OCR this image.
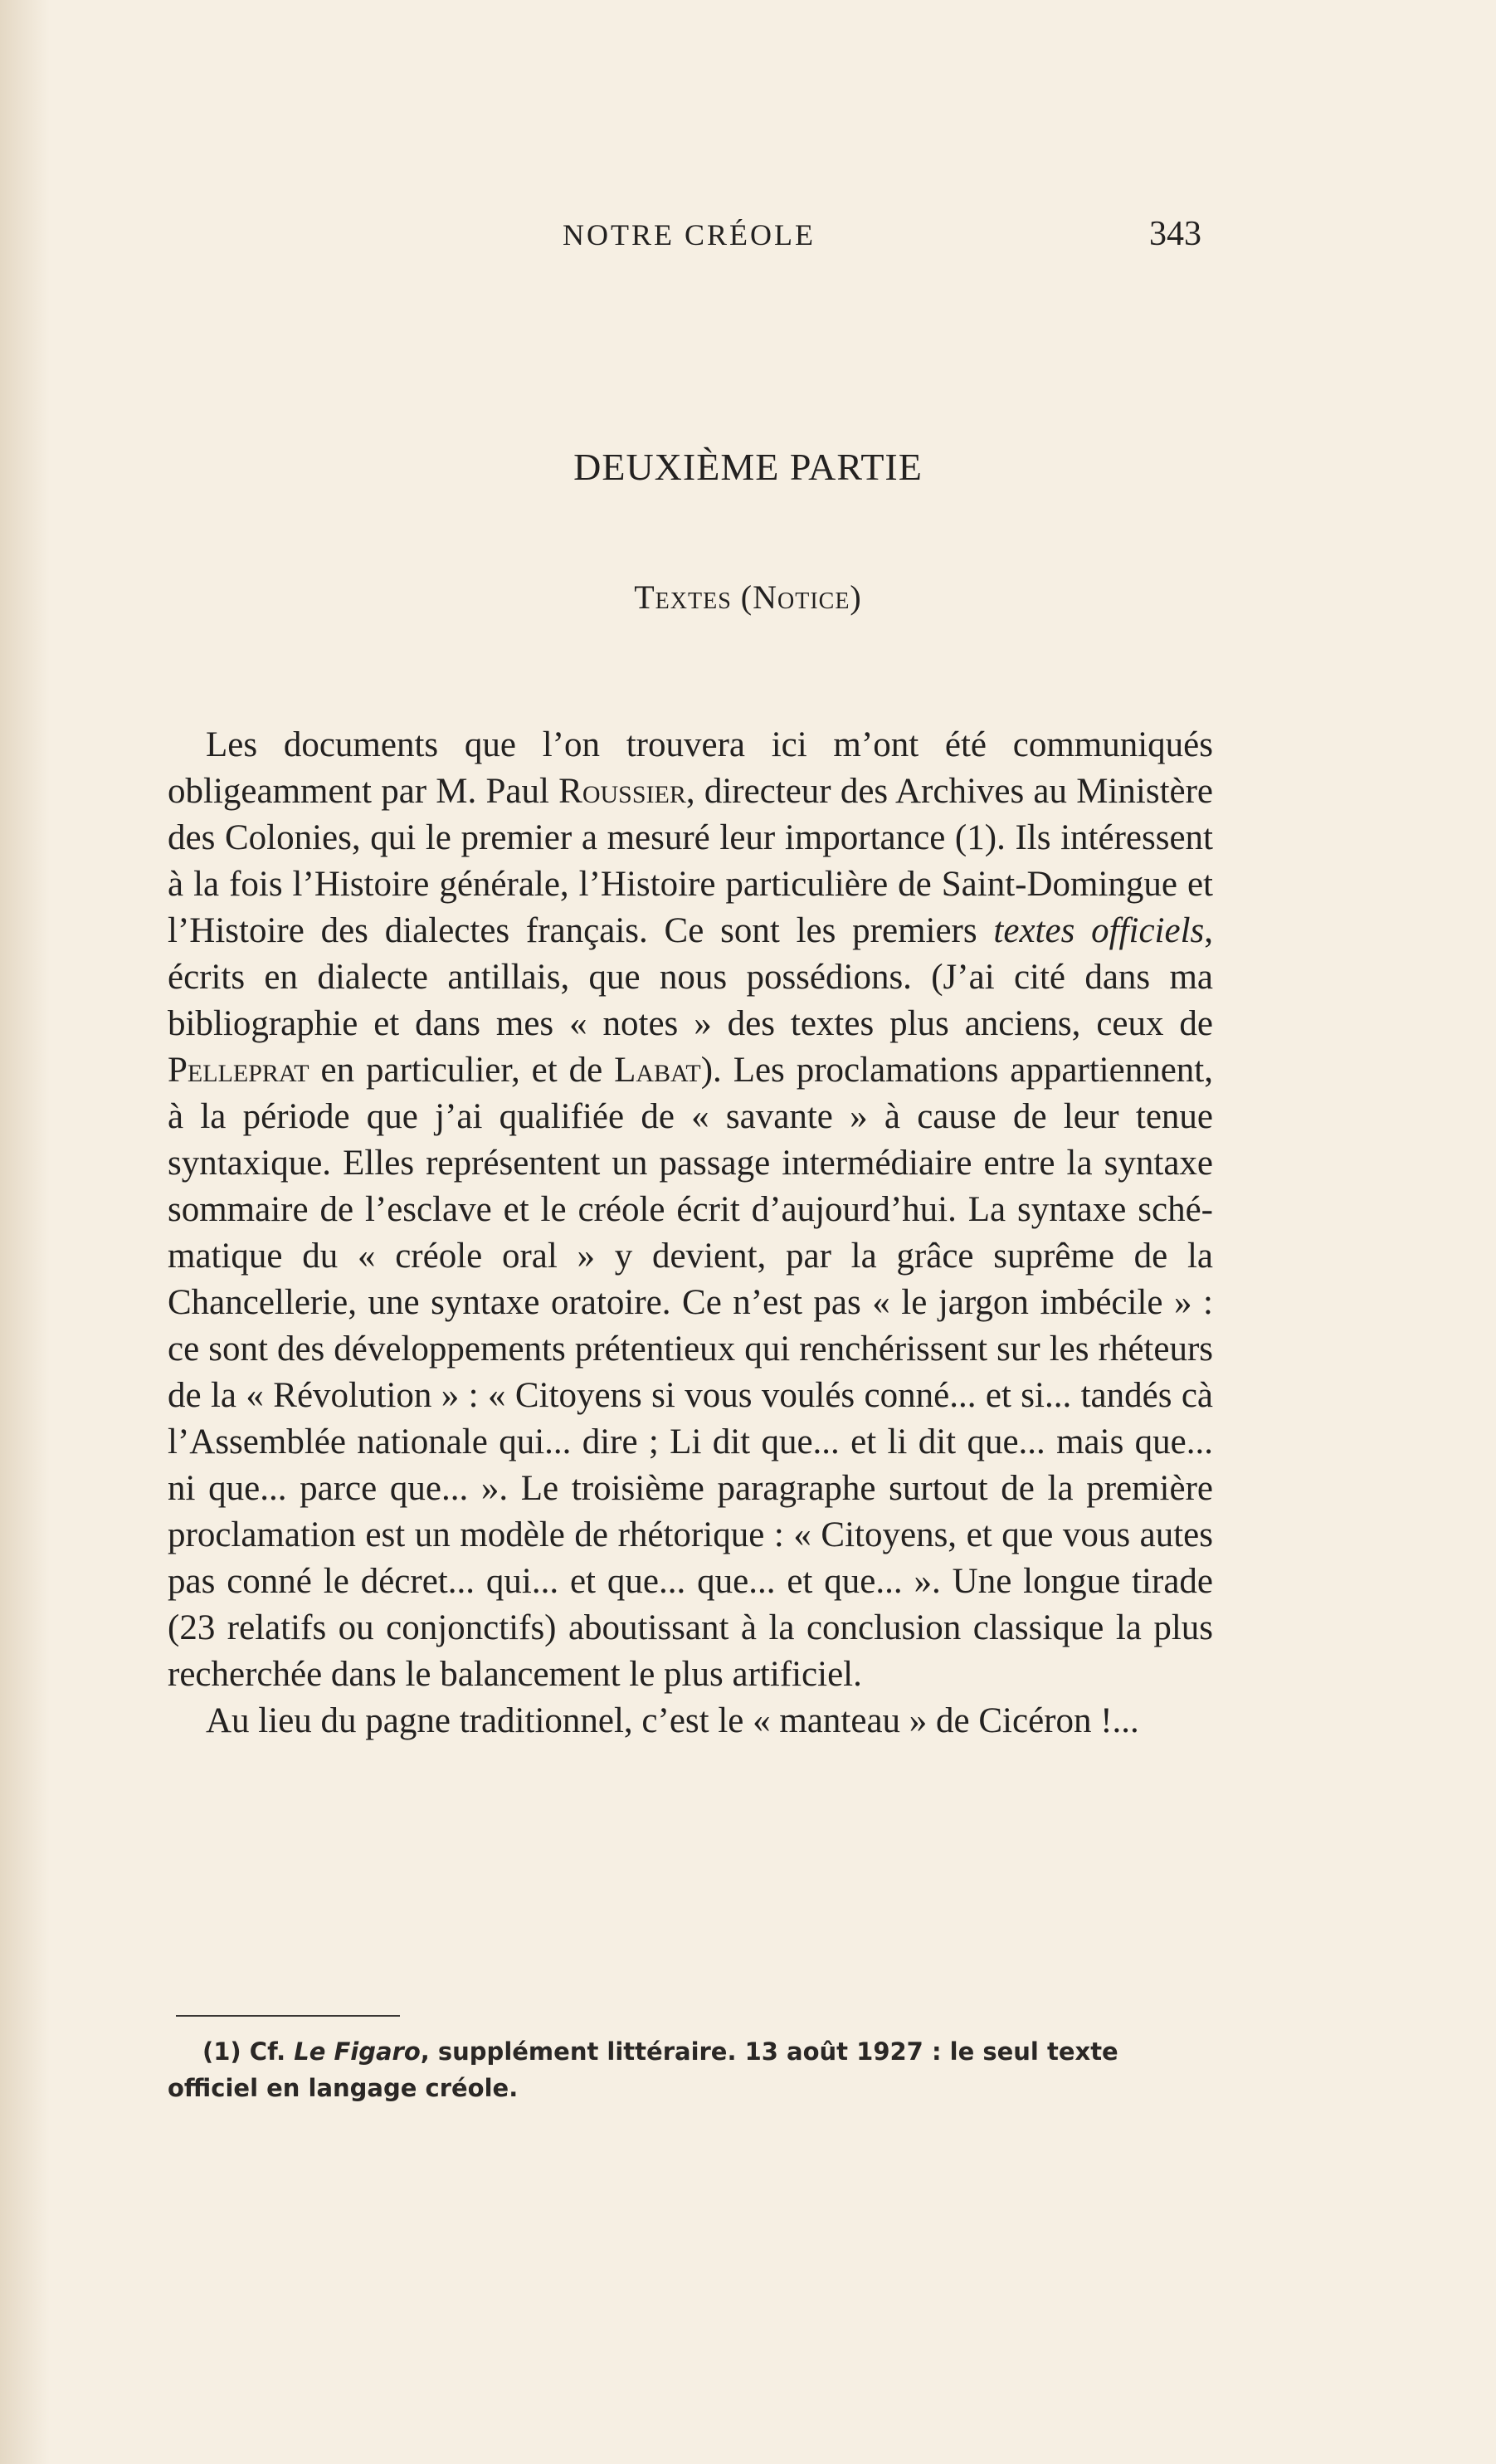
NOTRE CRÉOLE	343
DEUXIÈME PARTIE
Textes (Notice)

Les documents que l’on trouvera ici m’ont été communiqués obligeamment par M. Paul Roussier, directeur des Archives au Ministère des Colonies, qui le premier a mesuré leur importance (1). Ils intéressent à la fois l’Histoire générale, l’Histoire particulière de Saint-Domingue et l’Histoire des dialectes français. Ce sont les premiers textes officiels, écrits en dialecte antillais, que nous possédions. (J’ai cité dans ma bibliographie et dans mes « notes » des textes plus anciens, ceux de Pelleprat en particulier, et de Labat). Les proclamations appartiennent, à la période que j’ai qualifiée de « savante » à cause de leur tenue syntaxique. Elles représentent un passage intermédiaire entre la syntaxe sommaire de l’esclave et le créole écrit d’aujourd’hui. La syntaxe schématique du « créole oral » y devient, par la grâce suprême de la Chancellerie, une syntaxe oratoire. Ce n’est pas « le jargon imbécile » : ce sont des développements prétentieux qui renchérissent sur les rhéteurs de la « Révolution » : « Citoyens si vous voulés conné... et si... tandés cà l’Assemblée nationale qui... dire ; Li dit que... et li dit que... mais que... ni que... parce que... ». Le troisième paragraphe surtout de la première proclamation est un modèle de rhétorique : « Citoyens, et que vous autes pas conné le décret... qui... et que... que... et que... ». Une longue tirade (23 relatifs ou conjonctifs) aboutissant à la conclusion classique la plus recherchée dans le balancement le plus artificiel.

Au lieu du pagne traditionnel, c’est le « manteau » de Cicéron !...

(1) Cf. Le Figaro, supplément littéraire. 13 août 1927 : le seul texte officiel en langage créole.
